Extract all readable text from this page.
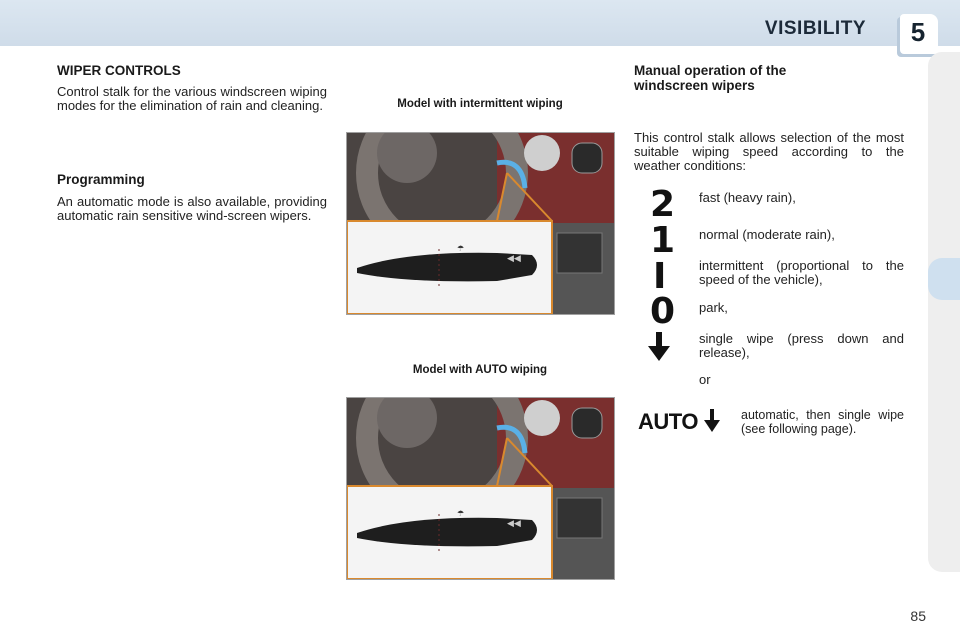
VISIBILITY	5
WIPER CONTROLS
Control stalk for the various windscreen wiping modes for the elimination of rain and cleaning.
Programming
An automatic mode is also available, providing automatic rain sensitive wind-screen wipers.
Model with intermittent wiping
☂
◀◀
Model with AUTO wiping
☂
◀◀
Manual operation of the windscreen wipers
This control stalk allows selection of the most suitable wiping speed according to the weather conditions:
2 fast (heavy rain),
1 normal (moderate rain),
I	intermittent (proportional to the speed of the vehicle),
0 park,
single wipe (press down and release),
or
AUTO	automatic, then single wipe (see following page).
85
